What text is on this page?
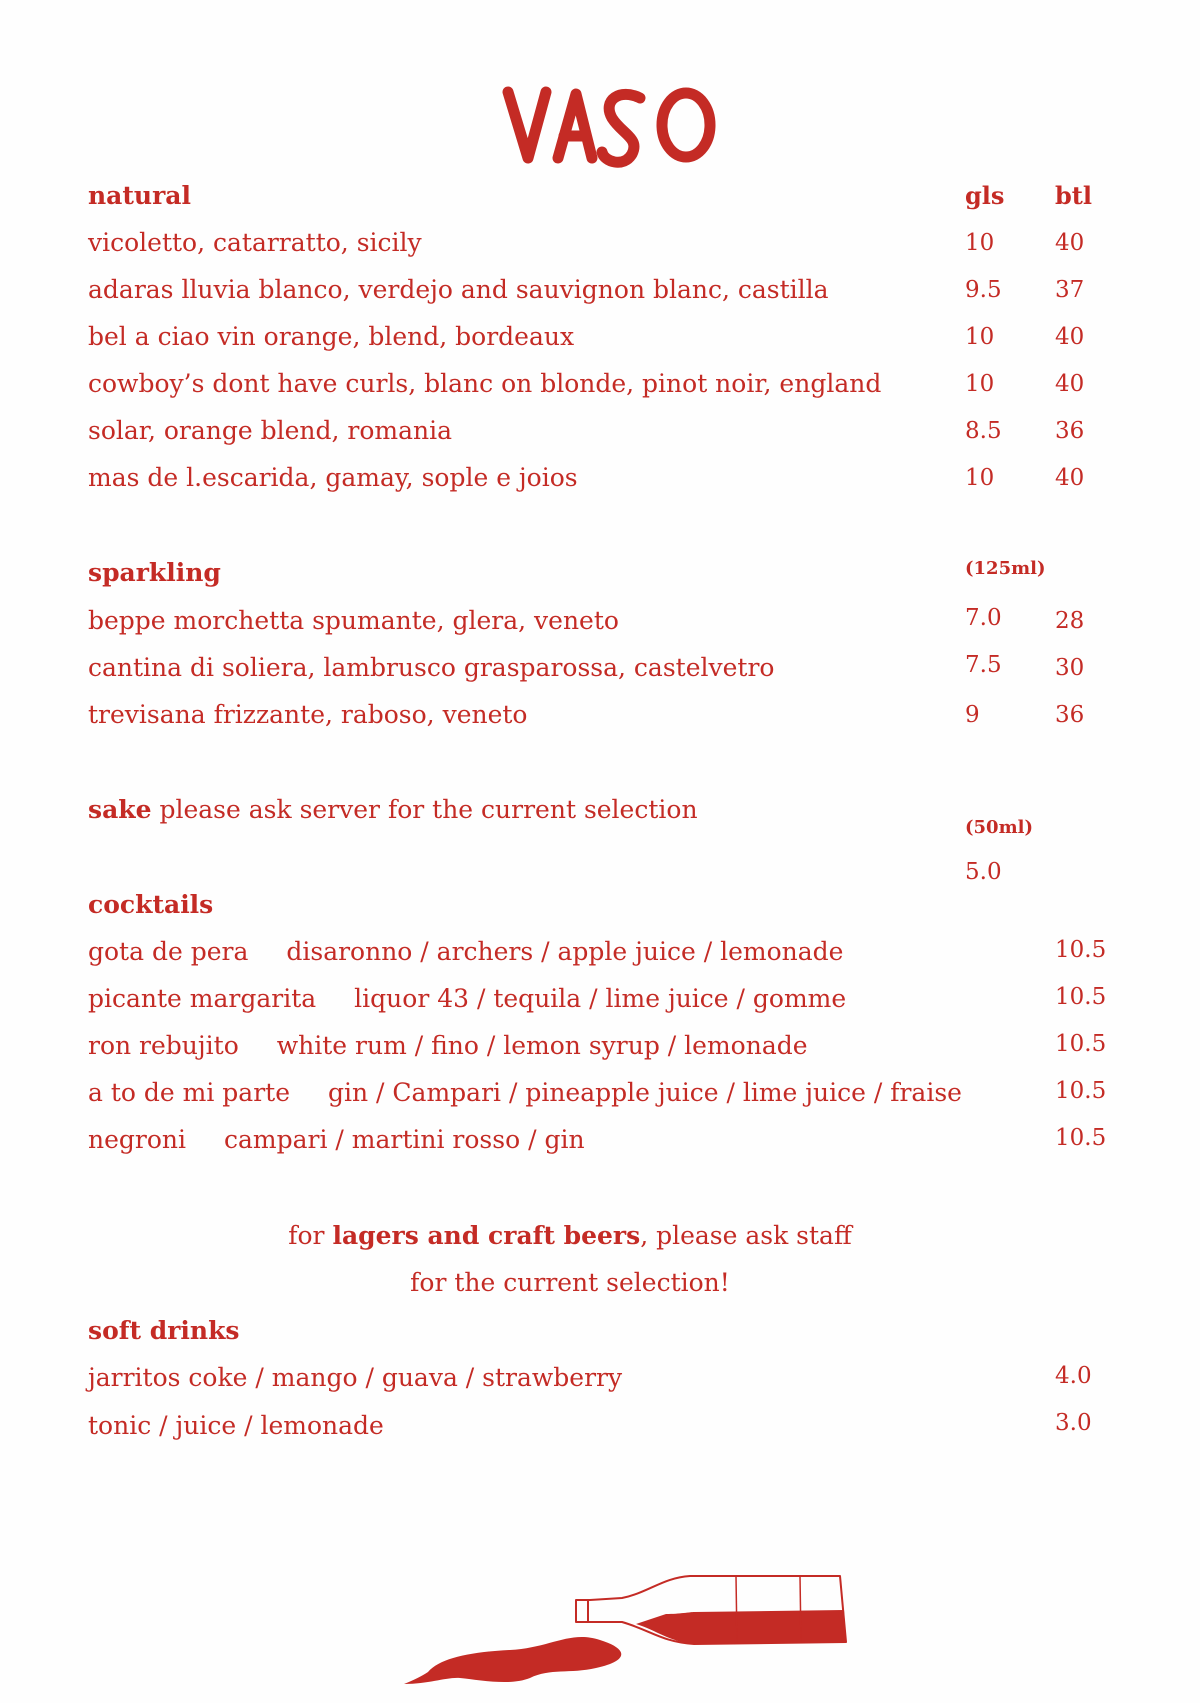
natural	gls btl
vicoletto, catarratto, sicily	10	40
adaras lluvia blanco, verdejo and sauvignon blanc, castilla	9.5 37
bel a ciao vin orange, blend, bordeaux	10	40
cowboy’s dont have curls, blanc on blonde, pinot noir, england	10	40
solar, orange blend, romania	8.5 36
mas de l.escarida, gamay, sople e joios	10	40
sparkling	(125ml)
beppe morchetta spumante, glera, veneto	7.0 28
cantina di soliera, lambrusco grasparossa, castelvetro	7.5 30
trevisana frizzante, raboso, veneto	9	36
sake please ask server for the current selection
(50ml)
5.0
cocktails
gota de pera disaronno / archers / apple juice / lemonade	10.5
picante margarita liquor 43 / tequila / lime juice / gomme	10.5
ron rebujito white rum / fino / lemon syrup / lemonade	10.5
a to de mi parte gin / Campari / pineapple juice / lime juice / fraise	10.5
negroni campari / martini rosso / gin	10.5
for lagers and craft beers, please ask staff
for the current selection!
soft drinks
jarritos coke / mango / guava / strawberry	4.0
tonic / juice / lemonade	3.0
